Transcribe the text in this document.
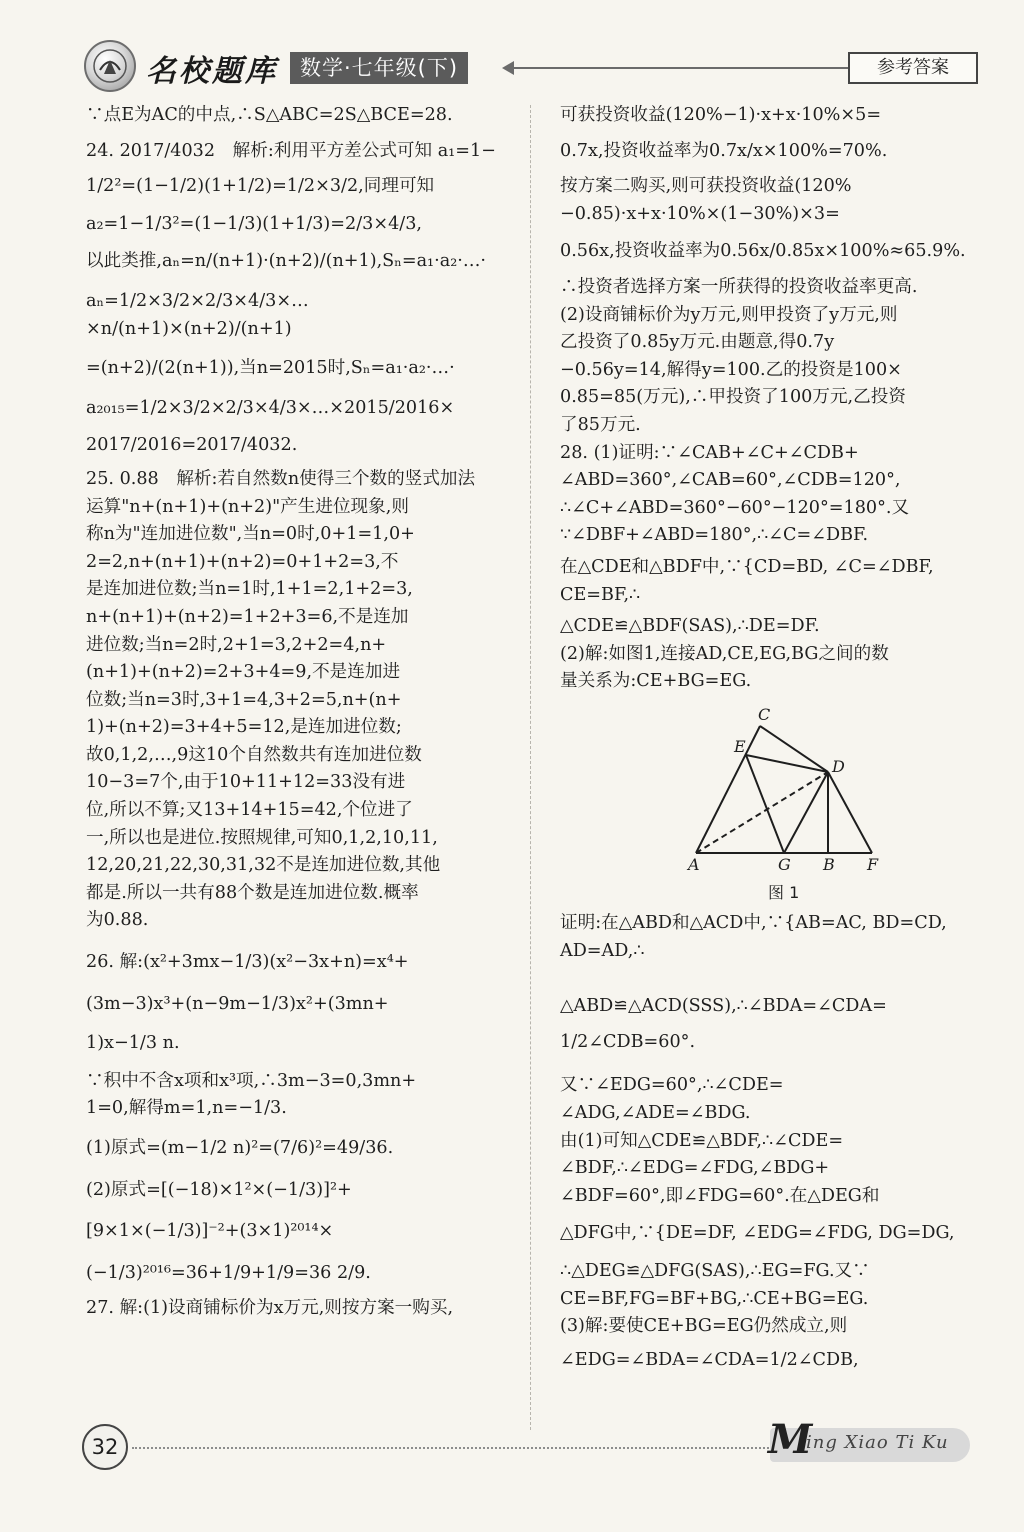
名校题库	数学·七年级(下)	参考答案

∵点E为AC的中点,∴S△ABC=2S△BCE=28.

24. 2017/4032　解析:利用平方差公式可知 a₁=1−

1/2²=(1−1/2)(1+1/2)=1/2×3/2,同理可知

a₂=1−1/3²=(1−1/3)(1+1/3)=2/3×4/3,

以此类推,aₙ=n/(n+1)·(n+2)/(n+1),Sₙ=a₁·a₂·…·

aₙ=1/2×3/2×2/3×4/3×…×n/(n+1)×(n+2)/(n+1)

=(n+2)/(2(n+1)),当n=2015时,Sₙ=a₁·a₂·…·

a₂₀₁₅=1/2×3/2×2/3×4/3×…×2015/2016×

2017/2016=2017/4032.

25. 0.88　解析:若自然数n使得三个数的竖式加法

运算"n+(n+1)+(n+2)"产生进位现象,则

称n为"连加进位数",当n=0时,0+1=1,0+

2=2,n+(n+1)+(n+2)=0+1+2=3,不

是连加进位数;当n=1时,1+1=2,1+2=3,

n+(n+1)+(n+2)=1+2+3=6,不是连加

进位数;当n=2时,2+1=3,2+2=4,n+

(n+1)+(n+2)=2+3+4=9,不是连加进

位数;当n=3时,3+1=4,3+2=5,n+(n+

1)+(n+2)=3+4+5=12,是连加进位数;

故0,1,2,…,9这10个自然数共有连加进位数

10−3=7个,由于10+11+12=33没有进

位,所以不算;又13+14+15=42,个位进了

一,所以也是进位.按照规律,可知0,1,2,10,11,

12,20,21,22,30,31,32不是连加进位数,其他

都是.所以一共有88个数是连加进位数.概率

为0.88.

26. 解:(x²+3mx−1/3)(x²−3x+n)=x⁴+

(3m−3)x³+(n−9m−1/3)x²+(3mn+

1)x−1/3 n.

∵积中不含x项和x³项,∴3m−3=0,3mn+

1=0,解得m=1,n=−1/3.

(1)原式=(m−1/2 n)²=(7/6)²=49/36.

(2)原式=[(−18)×1²×(−1/3)]²+

[9×1×(−1/3)]⁻²+(3×1)²⁰¹⁴×

(−1/3)²⁰¹⁶=36+1/9+1/9=36 2/9.

27. 解:(1)设商铺标价为x万元,则按方案一购买,

可获投资收益(120%−1)·x+x·10%×5=

0.7x,投资收益率为0.7x/x×100%=70%.

按方案二购买,则可获投资收益(120%

−0.85)·x+x·10%×(1−30%)×3=

0.56x,投资收益率为0.56x/0.85x×100%≈65.9%.

∴投资者选择方案一所获得的投资收益率更高.

(2)设商铺标价为y万元,则甲投资了y万元,则

乙投资了0.85y万元.由题意,得0.7y

−0.56y=14,解得y=100.乙的投资是100×

0.85=85(万元),∴甲投资了100万元,乙投资

了85万元.

28. (1)证明:∵∠CAB+∠C+∠CDB+

∠ABD=360°,∠CAB=60°,∠CDB=120°,

∴∠C+∠ABD=360°−60°−120°=180°.又

∵∠DBF+∠ABD=180°,∴∠C=∠DBF.

在△CDE和△BDF中,∵{CD=BD, ∠C=∠DBF, CE=BF,∴

△CDE≌△BDF(SAS),∴DE=DF.

(2)解:如图1,连接AD,CE,EG,BG之间的数

量关系为:CE+BG=EG.

C
E
D
A	G B F
图 1

证明:在△ABD和△ACD中,∵{AB=AC, BD=CD, AD=AD,∴

△ABD≌△ACD(SSS),∴∠BDA=∠CDA=

1/2∠CDB=60°.

又∵∠EDG=60°,∴∠CDE=

∠ADG,∠ADE=∠BDG.

由(1)可知△CDE≌△BDF,∴∠CDE=

∠BDF,∴∠EDG=∠FDG,∠BDG+

∠BDF=60°,即∠FDG=60°.在△DEG和

△DFG中,∵{DE=DF, ∠EDG=∠FDG, DG=DG,

∴△DEG≌△DFG(SAS),∴EG=FG.又∵

CE=BF,FG=BF+BG,∴CE+BG=EG.

(3)解:要使CE+BG=EG仍然成立,则

∠EDG=∠BDA=∠CDA=1/2∠CDB,

32	M
ing Xiao Ti Ku
